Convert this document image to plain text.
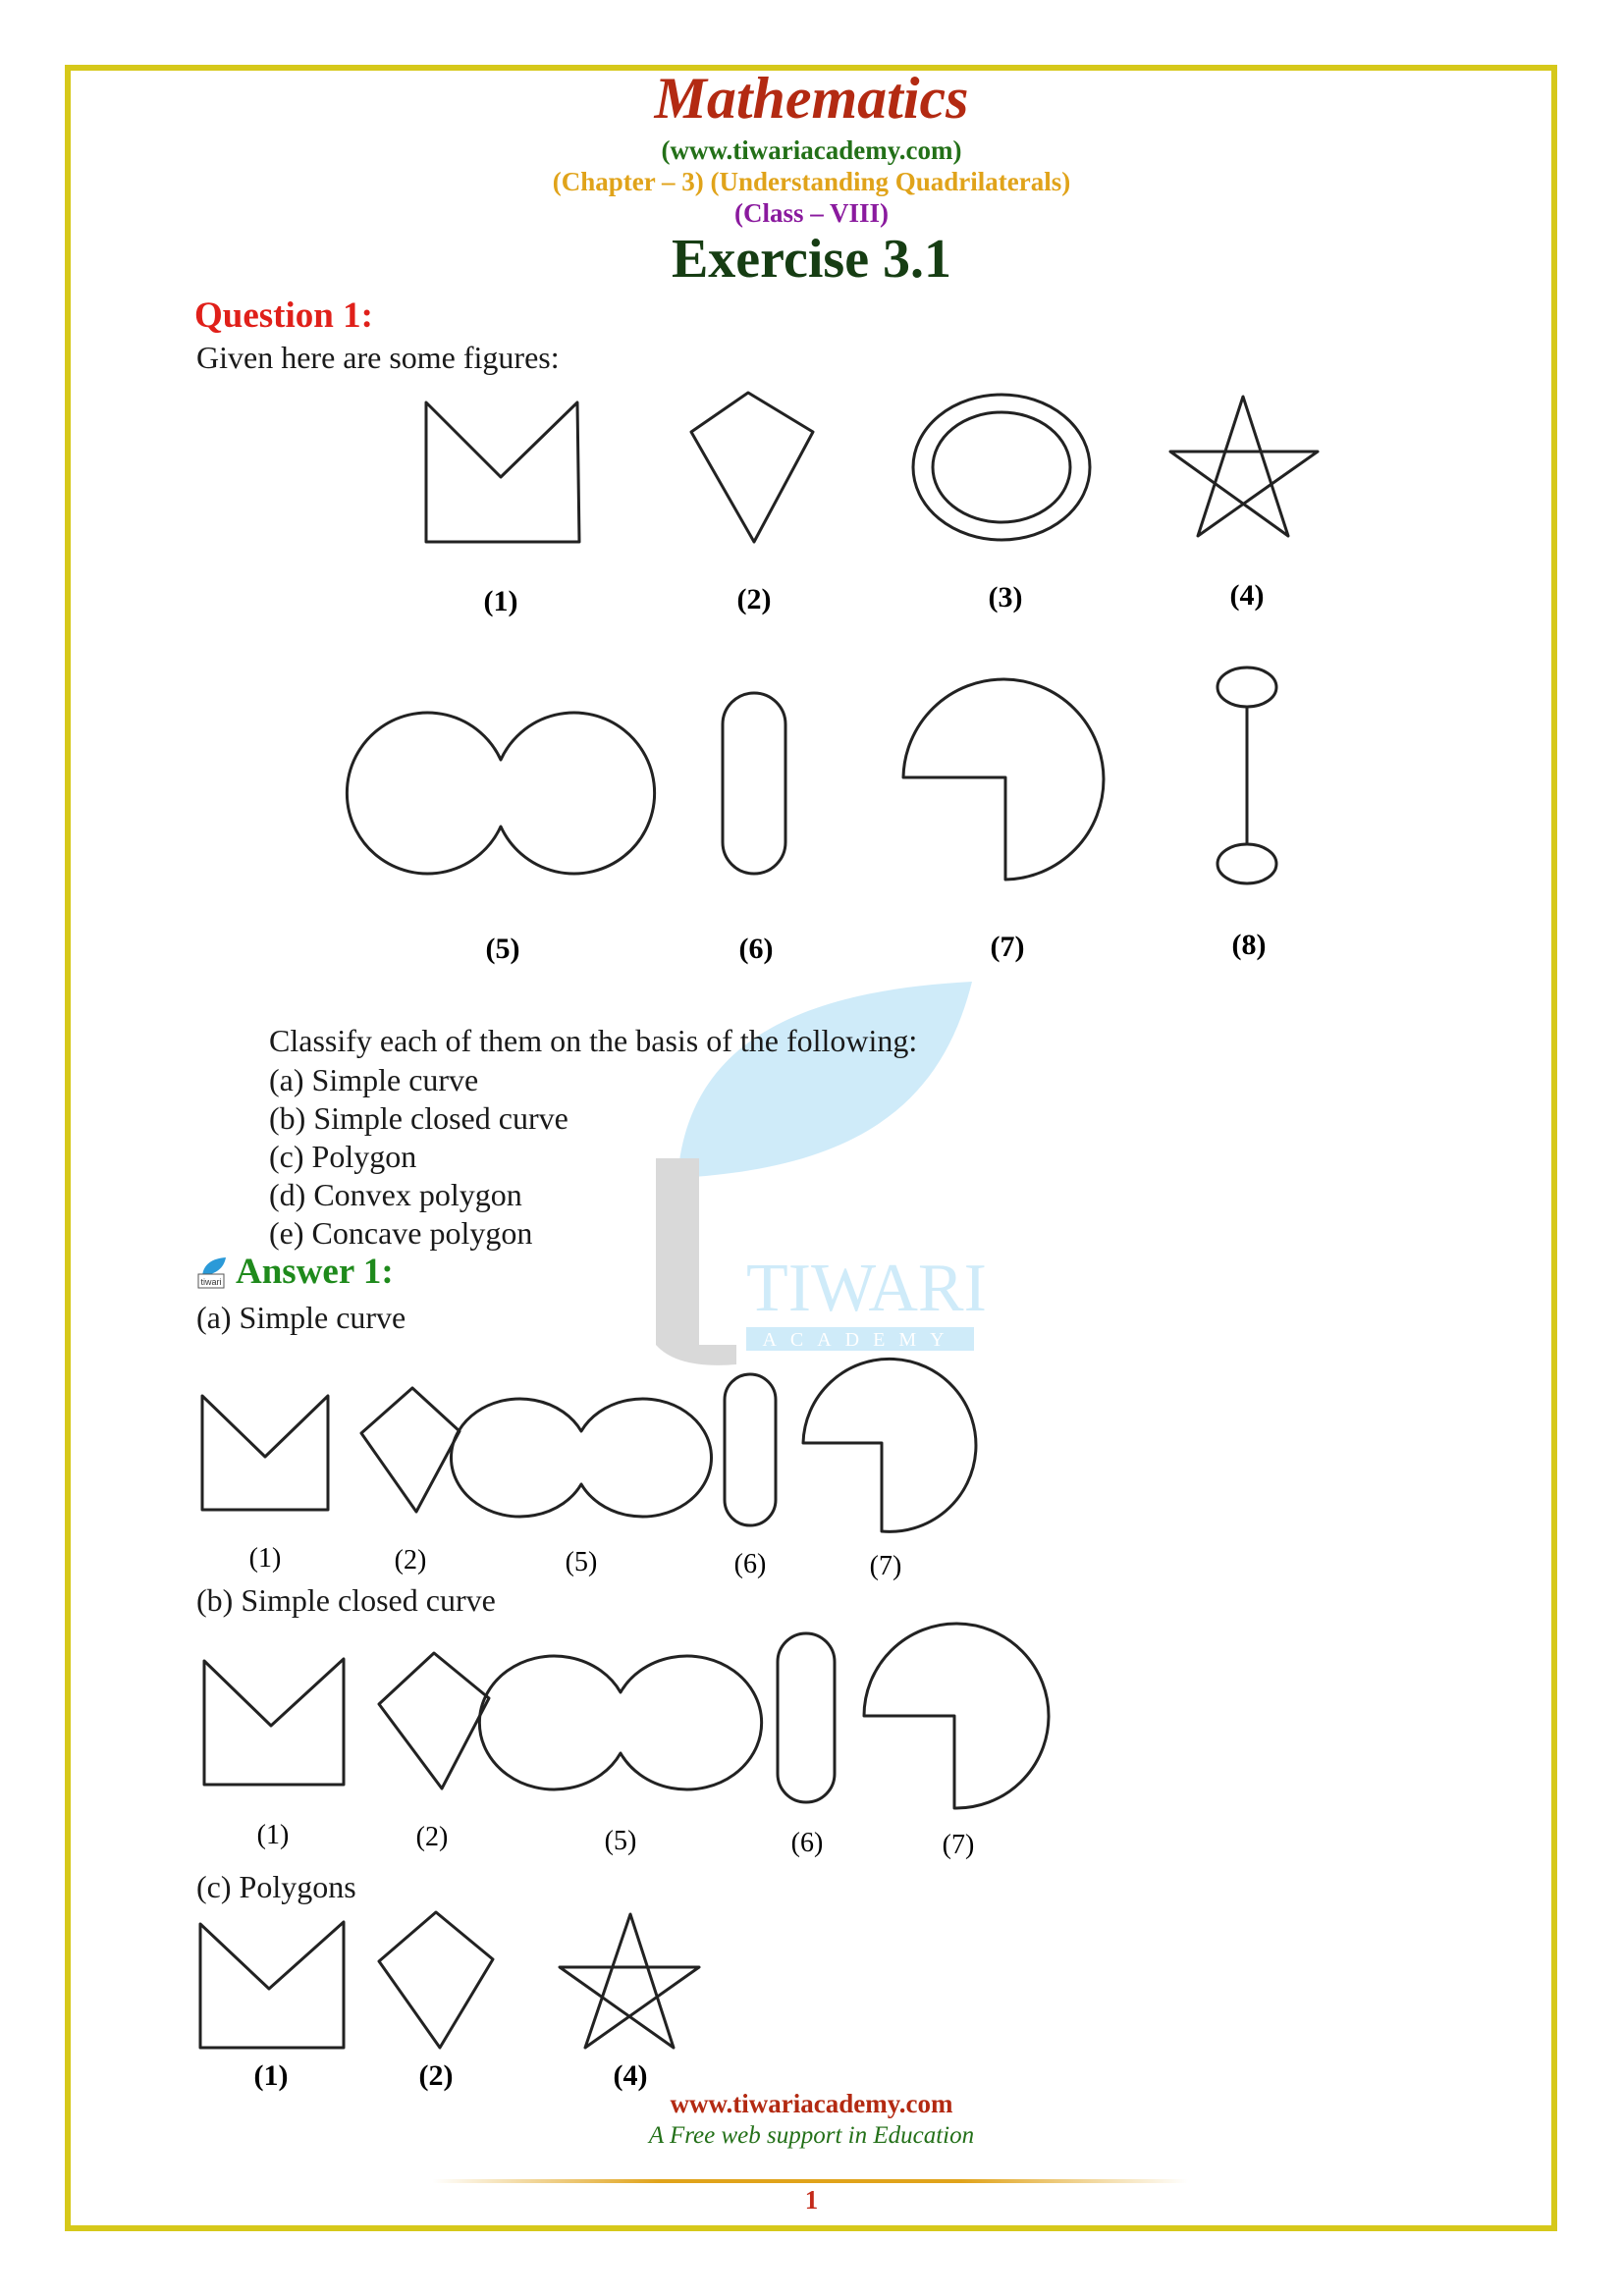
TIWARI
ACADEMY
Mathematics
(www.tiwariacademy.com)
(Chapter – 3) (Understanding Quadrilaterals)
(Class – VIII)
Exercise 3.1
Question 1:
Given here are some figures:
(1)	(2)	(3)	(4)
(5)	(6)	(7)	(8)
Classify each of them on the basis of the following:
(a) Simple curve
(b) Simple closed curve
(c) Polygon
(d) Convex polygon
(e) Concave polygon
tiwari Answer 1:
(a) Simple curve
(1)	(2)	(5)	(6)	(7)
(b) Simple closed curve
(1)	(2)	(5)	(6)	(7)
(c) Polygons
(1)	(2)	(4)
www.tiwariacademy.com
A Free web support in Education
1
